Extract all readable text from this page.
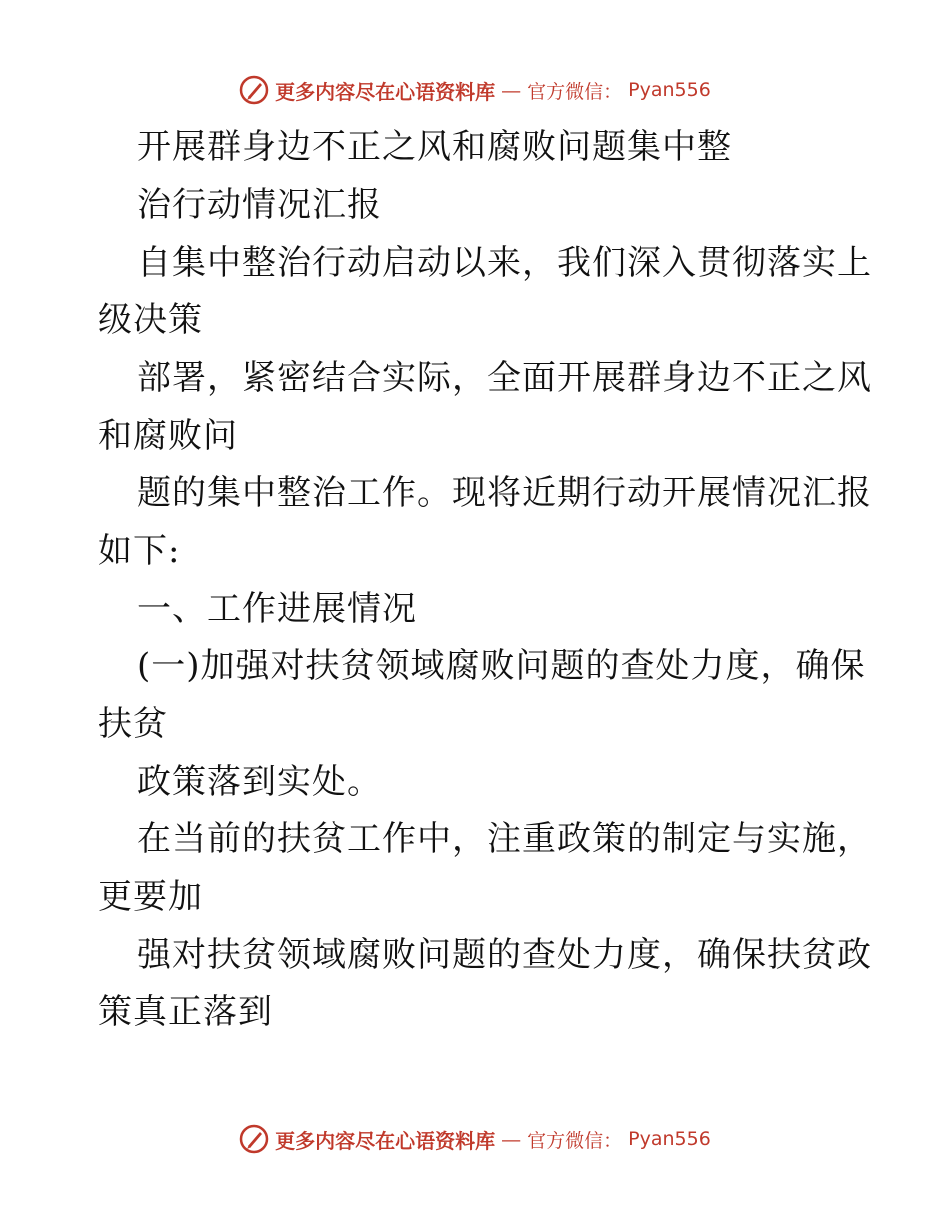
更多内容尽在心语资料库 — 官方微信： Pyan556
开展群身边不正之风和腐败问题集中整
治行动情况汇报
自集中整治行动启动以来，我们深入贯彻落实上
级决策
部署，紧密结合实际，全面开展群身边不正之风
和腐败问
题的集中整治工作。现将近期行动开展情况汇报
如下:
一、工作进展情况
(一)加强对扶贫领域腐败问题的查处力度，确保
扶贫
政策落到实处。
在当前的扶贫工作中，注重政策的制定与实施，
更要加
强对扶贫领域腐败问题的查处力度，确保扶贫政
策真正落到
更多内容尽在心语资料库 — 官方微信： Pyan556
